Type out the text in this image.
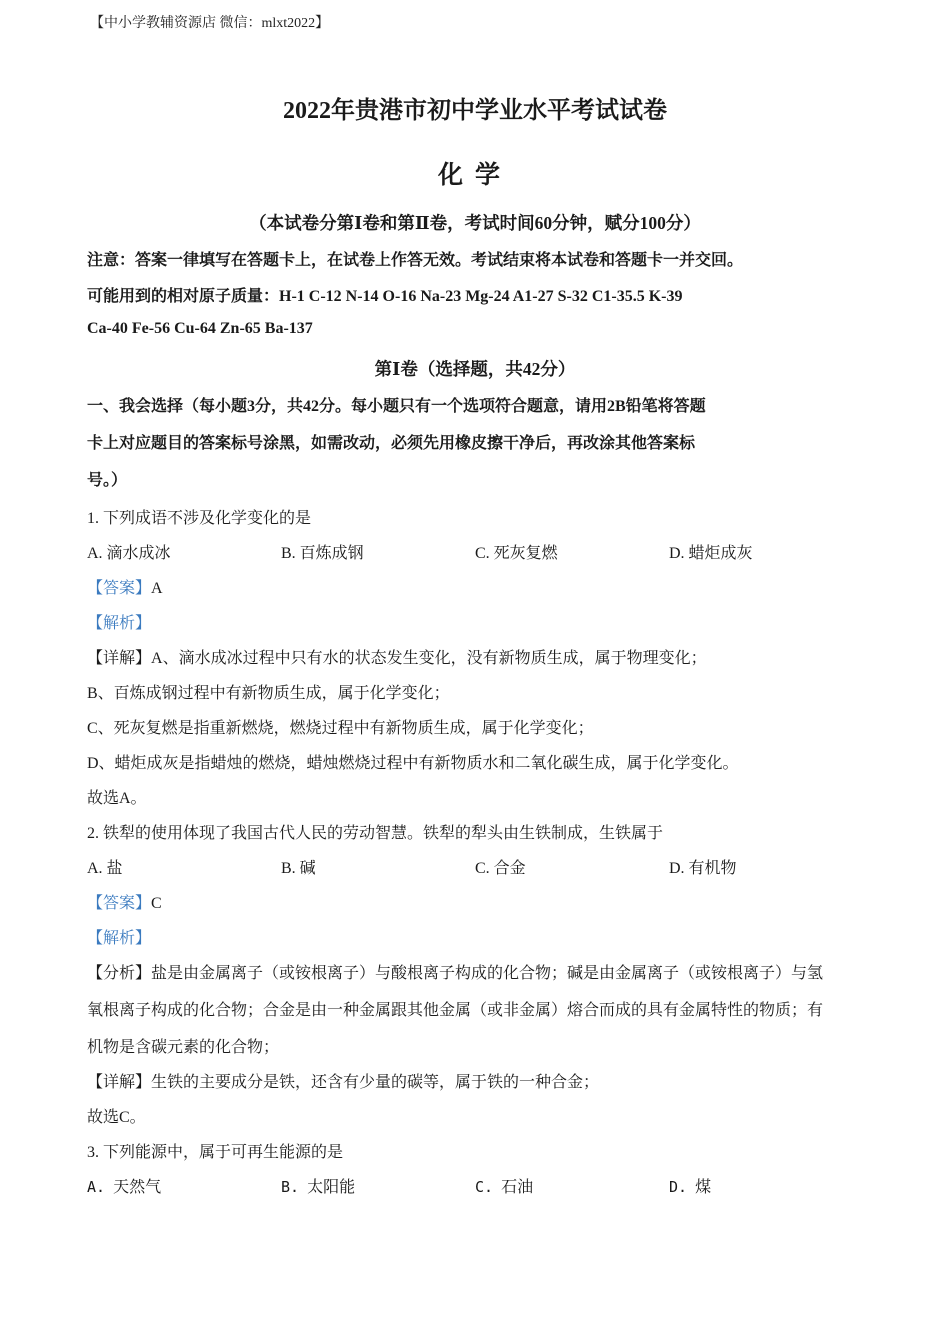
【中小学教辅资源店 微信：mlxt2022】
2022年贵港市初中学业水平考试试卷
化学
（本试卷分第Ⅰ卷和第Ⅱ卷，考试时间60分钟，赋分100分）
注意：答案一律填写在答题卡上，在试卷上作答无效。考试结束将本试卷和答题卡一并交回。
可能用到的相对原子质量：H-1 C-12 N-14 O-16 Na-23 Mg-24 A1-27 S-32 C1-35.5 K-39
Ca-40 Fe-56 Cu-64 Zn-65 Ba-137
第Ⅰ卷（选择题，共42分）
一、我会选择（每小题3分，共42分。每小题只有一个选项符合题意，请用2B铅笔将答题
卡上对应题目的答案标号涂黑，如需改动，必须先用橡皮擦干净后，再改涂其他答案标
号。）
1. 下列成语不涉及化学变化的是
A. 滴水成冰	B. 百炼成钢	C. 死灰复燃	D. 蜡炬成灰
【答案】A
【解析】
【详解】A、滴水成冰过程中只有水的状态发生变化，没有新物质生成，属于物理变化；
B、百炼成钢过程中有新物质生成，属于化学变化；
C、死灰复燃是指重新燃烧，燃烧过程中有新物质生成，属于化学变化；
D、蜡炬成灰是指蜡烛的燃烧，蜡烛燃烧过程中有新物质水和二氧化碳生成，属于化学变化。
故选A。
2. 铁犁的使用体现了我国古代人民的劳动智慧。铁犁的犁头由生铁制成，生铁属于
A. 盐	B. 碱	C. 合金	D. 有机物
【答案】C
【解析】
【分析】盐是由金属离子（或铵根离子）与酸根离子构成的化合物；碱是由金属离子（或铵根离子）与氢
氧根离子构成的化合物；合金是由一种金属跟其他金属（或非金属）熔合而成的具有金属特性的物质；有
机物是含碳元素的化合物；
【详解】生铁的主要成分是铁，还含有少量的碳等，属于铁的一种合金；
故选C。
3. 下列能源中，属于可再生能源的是
A. 天然气	B. 太阳能	C. 石油	D. 煤
